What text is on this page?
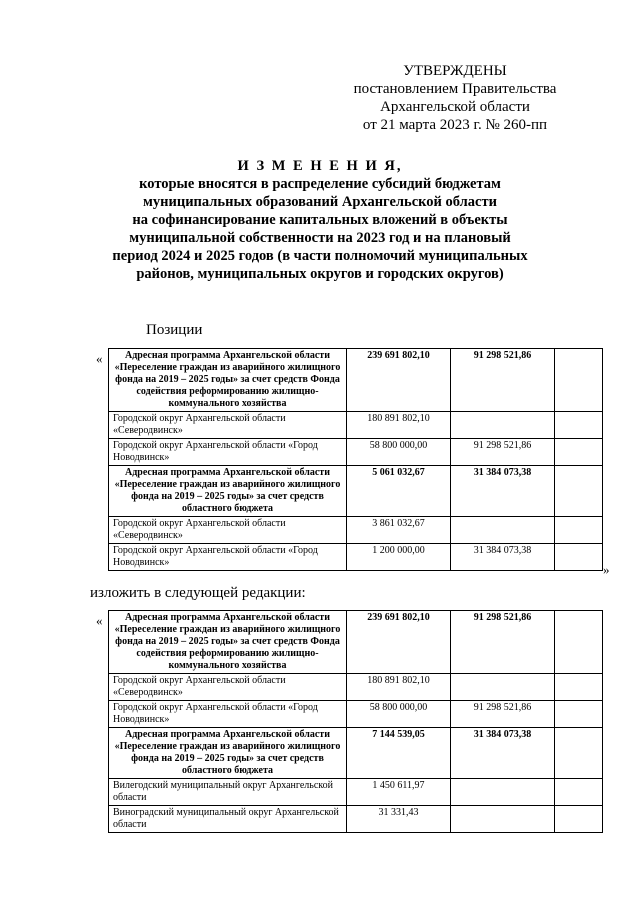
УТВЕРЖДЕНЫ
постановлением Правительства
Архангельской области
от 21 марта 2023 г. № 260-пп
И З М Е Н Е Н И Я,
которые вносятся в распределение субсидий бюджетам
муниципальных образований Архангельской области
на софинансирование капитальных вложений в объекты
муниципальной собственности на 2023 год и на плановый
период 2024 и 2025 годов (в части полномочий муниципальных
районов, муниципальных округов и городских округов)
Позиции
« Адресная программа Архангельской области «Переселение граждан из аварийного жилищного фонда на 2019 – 2025 годы» за счет средств Фонда содействия реформированию жилищно-коммунального хозяйства	239 691 802,10	91 298 521,86	
Городской округ Архангельской области «Северодвинск»	180 891 802,10		
Городской округ Архангельской области «Город Новодвинск»	58 800 000,00	91 298 521,86	
Адресная программа Архангельской области «Переселение граждан из аварийного жилищного фонда на 2019 – 2025 годы» за счет средств областного бюджета	5 061 032,67	31 384 073,38	
Городской округ Архангельской области «Северодвинск»	3 861 032,67		
Городской округ Архангельской области «Город Новодвинск»	1 200 000,00	31 384 073,38	
»
изложить в следующей редакции:
« Адресная программа Архангельской области «Переселение граждан из аварийного жилищного фонда на 2019 – 2025 годы» за счет средств Фонда содействия реформированию жилищно-коммунального хозяйства	239 691 802,10	91 298 521,86	
Городской округ Архангельской области «Северодвинск»	180 891 802,10		
Городской округ Архангельской области «Город Новодвинск»	58 800 000,00	91 298 521,86	
Адресная программа Архангельской области «Переселение граждан из аварийного жилищного фонда на 2019 – 2025 годы» за счет средств областного бюджета	7 144 539,05	31 384 073,38	
Вилегодский муниципальный округ Архангельской области	1 450 611,97		
Виноградский муниципальный округ Архангельской области	31 331,43		
